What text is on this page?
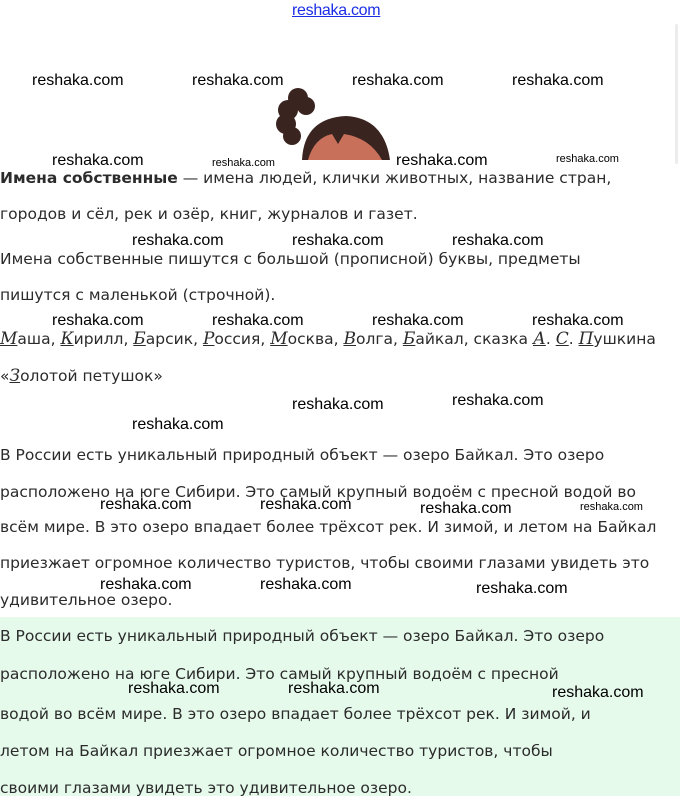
reshaka.com
reshaka.com	reshaka.com	reshaka.com	reshaka.com
reshaka.com	reshaka.com	reshaka.com	reshaka.com
reshaka.com	reshaka.com	reshaka.com
reshaka.com	reshaka.com	reshaka.com	reshaka.com
reshaka.com	reshaka.com
reshaka.com
reshaka.com	reshaka.com	reshaka.com	reshaka.com
reshaka.com	reshaka.com	reshaka.com
reshaka.com	reshaka.com	reshaka.com
Имена собственные — имена людей, клички животных, название стран,
городов и сёл, рек и озёр, книг, журналов и газет.
Имена собственные пишутся с большой (прописной) буквы, предметы
пишутся с маленькой (строчной).
Маша, Кирилл, Барсик, Россия, Москва, Волга, Байкал, сказка А. С. Пушкина
«Золотой петушок»
В России есть уникальный природный объект — озеро Байкал. Это озеро
расположено на юге Сибири. Это самый крупный водоём с пресной водой во
всём мире. В это озеро впадает более трёхсот рек. И зимой, и летом на Байкал
приезжает огромное количество туристов, чтобы своими глазами увидеть это
удивительное озеро.
В России есть уникальный природный объект — озеро Байкал. Это озеро
расположено на юге Сибири. Это самый крупный водоём с пресной
водой во всём мире. В это озеро впадает более трёхсот рек. И зимой, и
летом на Байкал приезжает огромное количество туристов, чтобы
своими глазами увидеть это удивительное озеро.
